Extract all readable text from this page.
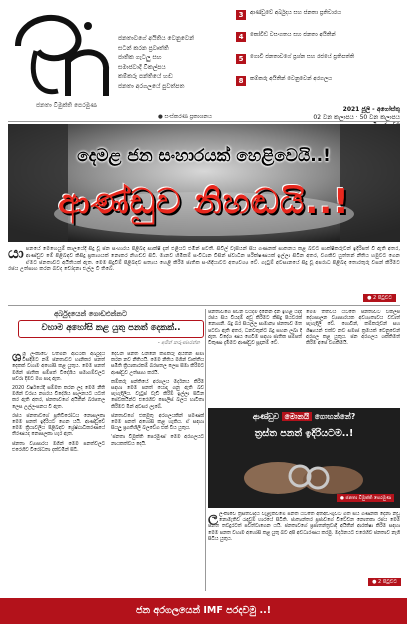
ජනතා විමුක්ති පෙරමුණ
ජනතාවගේ අයිතිය වෙනුවෙන්
සටන් කරන ප්‍රවෘත්ති
ජාතික ගැටලු සහ
සමාජවාදී විකල්පය
කම්කරු පන්තියේ හඬ
ජනතා අරගලයේ පුවත්පත
● සංස්කරණ ප්‍රකාශනය
3	ආණ්ඩුවේ අර්බුදය සහ ජනතා ප්‍රතිචාරය
4	කෝවිඩ් වසංගතය සහ ජනතා අයිතීන්
5	ගොවි ජනතාවගේ ප්‍රශ්න සහ රජයේ ප්‍රතිපත්ති
8	කම්කරු අයිතීන් වෙනුවෙන් අරගලය
2021 ජූලි - අගෝස්තු
02 වන කලාපය · 50 වන කලාපය
දෙමළ ජන සංහාරයක් හෙළිවෙයි..!
ආණ්ඩුව නිහඬයි..!

යා පනයේ මෙහෙයුම් කාලයේදී සිදු වූ ජන සංහාරය පිළිබඳ සාක්ෂි දැන් එළියට එමින් පවතී. සිවිල් වැසියන් සිය ගණනක් ඝාතනය කළ බවට සාක්ෂිකරුවන් ඉදිරිපත් වී ඇති අතර, ආණ්ඩුව මේ පිළිබඳව කිසිදු ප්‍රකාශයක් නොකර නිහඬව සිටී. මානව හිමිකම් සංවිධාන විසින් ස්වාධීන පරීක්ෂණයක් ඉල්ලා සිටින අතර, වගකිව යුත්තන් නීතිය හමුවට ගෙන ඒමට ජනතාවට අයිතියක් ඇත. මෙම සිදුවීම් පිළිබඳව සත්‍යය හෙළි කිරීම ජාතික සංහිඳියාවට අත්‍යවශ්‍ය වේ. ගැටුම් අවසානයේ සිදු වූ අපරාධ පිළිබඳ තොරතුරු වසන් කිරීමට රජය උත්සාහ කරන බවද චෝදනා එල්ල වී තිබේ.

● 2 පිටුවට
අර්බුදයෙන් ගොඩඑන්නට
වහාම අහෝසි කළ යුතු පනත් දෙකක්..
- අජිත් කරුණාරත්න

ශශ්‍රී ලංකාවේ වත්මන් ආර්ථික අර්බුදය විසඳීමට නම් ජනතාවට හානිකර පනත් දෙකක් වහාම අහෝසි කළ යුතුය. මෙම පනත් මගින් ජාතික සම්පත් විදේශීය සමාගම්වලට පවරා දීමට මග පාදා ඇත.

2020 වර්ෂයේදී සම්මත කරන ලද මෙම නීති මගින් වරාය නගරය විදේශීය පාලනයට යටත් කර ඇති අතර, ජනතාවගේ අයිතීන් බරපතල ලෙස උල්ලංඝනය වී ඇත.

රජය ජනතාවගේ ප්‍රතිවිරෝධය නොසලකා මෙම පනත් ඉදිරියට ගෙන යයි. ආණ්ඩුවේ මෙම ක්‍රියාවලිය පිළිබඳව ශ්‍රේෂ්ඨාධිකරණයේ තීරණයද නොසලකා හැර ඇත.

ජනතා ව්‍යාපාරය මගින් මෙම පනත්වලට එරෙහිව විරෝධතා දක්වමින් සිටී.

දෙවන පනත වන්නේ කම්කරු අයිතීන් සීමා කරන නව නීතියයි. මෙම නීතිය මගින් වෘත්තීය සමිති ක්‍රියාකාරකම් බරපතල ලෙස සීමා කිරීමට ආණ්ඩුව උත්සාහ කරයි.

කම්කරු පන්තියේ අරගලය මර්දනය කිරීම සඳහා මෙම පනත් යොදා ගනු ඇති බව පැහැදිලිය. වැටුප් වැඩි කිරීම් ඉල්ලා සිටින සේවකයින්ට එරෙහිව පොලිස් බලය භාවිතා කිරීමට මින් අවසර ලැබේ.

ජනතාවගේ එකමුතු අරගලයකින් පමණක් මෙම පනත් අහෝසි කළ හැකිය. ඒ සඳහා සියලු ප්‍රගතිශීලී බලවේග එක් විය යුතුය.

'ජනතා විමුක්ති පෙරමුණ' මෙම අරගලයට නායකත්වය දෙයි.

ජනතාවගේ ජීවන වියදම දිනෙන් දින ඉහළ යද්දී රජය සිය වියදම් අඩු කිරීමට කිසිදු පියවරක් නොගනී. බදු බර සියල්ල සාමාන්‍ය ජනතාව මත පටවා ඇති අතර, ධනවතුන්ට බදු සහන ලබා දී ඇත. විදේශ ණය ගෙවීම සඳහා ජාතික සම්පත් විකුණා දැමීමට ආණ්ඩුව සූදානම් වේ.
මෙම තත්වය යටතේ ජනතාවට විකල්ප දේශපාලන ව්‍යාපාරයක අවශ්‍යතාවය වඩාත් පැහැදිලි වේ. ගොවීන්, කම්කරුවන් සහ ශිෂ්‍යයන් එක්ව නව සමාජ ක්‍රමයක් වෙනුවෙන් අරගල කළ යුතුය. ජන අරගලය ශක්තිමත් කිරීම අපේ වගකීමයි.
ආණ්ඩුව මොනයි ගොහන්නේ?
ත්‍රස්ත පනත් ඉදිරියටම..!
● ජනතා විමුක්ති පෙරමුණ
ල ලංකාවේ ත්‍රස්තවාදය වැළැක්වීමේ පනත යටතේ අත්අඩංගුවට ගත් සිය ගණනක් දෙනා නඩු නොමැතිව රැඳවුම් භාරයේ සිටිති. ජාත්‍යන්තර ප්‍රජාවගේ විවේචන නොතකා රජය මෙම පනත තවදුරටත් පවත්වාගෙන යයි. ජනතාවගේ ප්‍රජාතන්ත්‍රවාදී අයිතීන් ආරක්ෂා කිරීම සඳහා මෙම පනත වහාම අහෝසි කළ යුතු බව අපි අවධාරණය කරමු. මර්දනයට එරෙහිව ජනතාව නැගී සිටිය යුතුය.
● 2 පිටුවට
ජන අරගලයෙන් IMF පරදවමු ..!
